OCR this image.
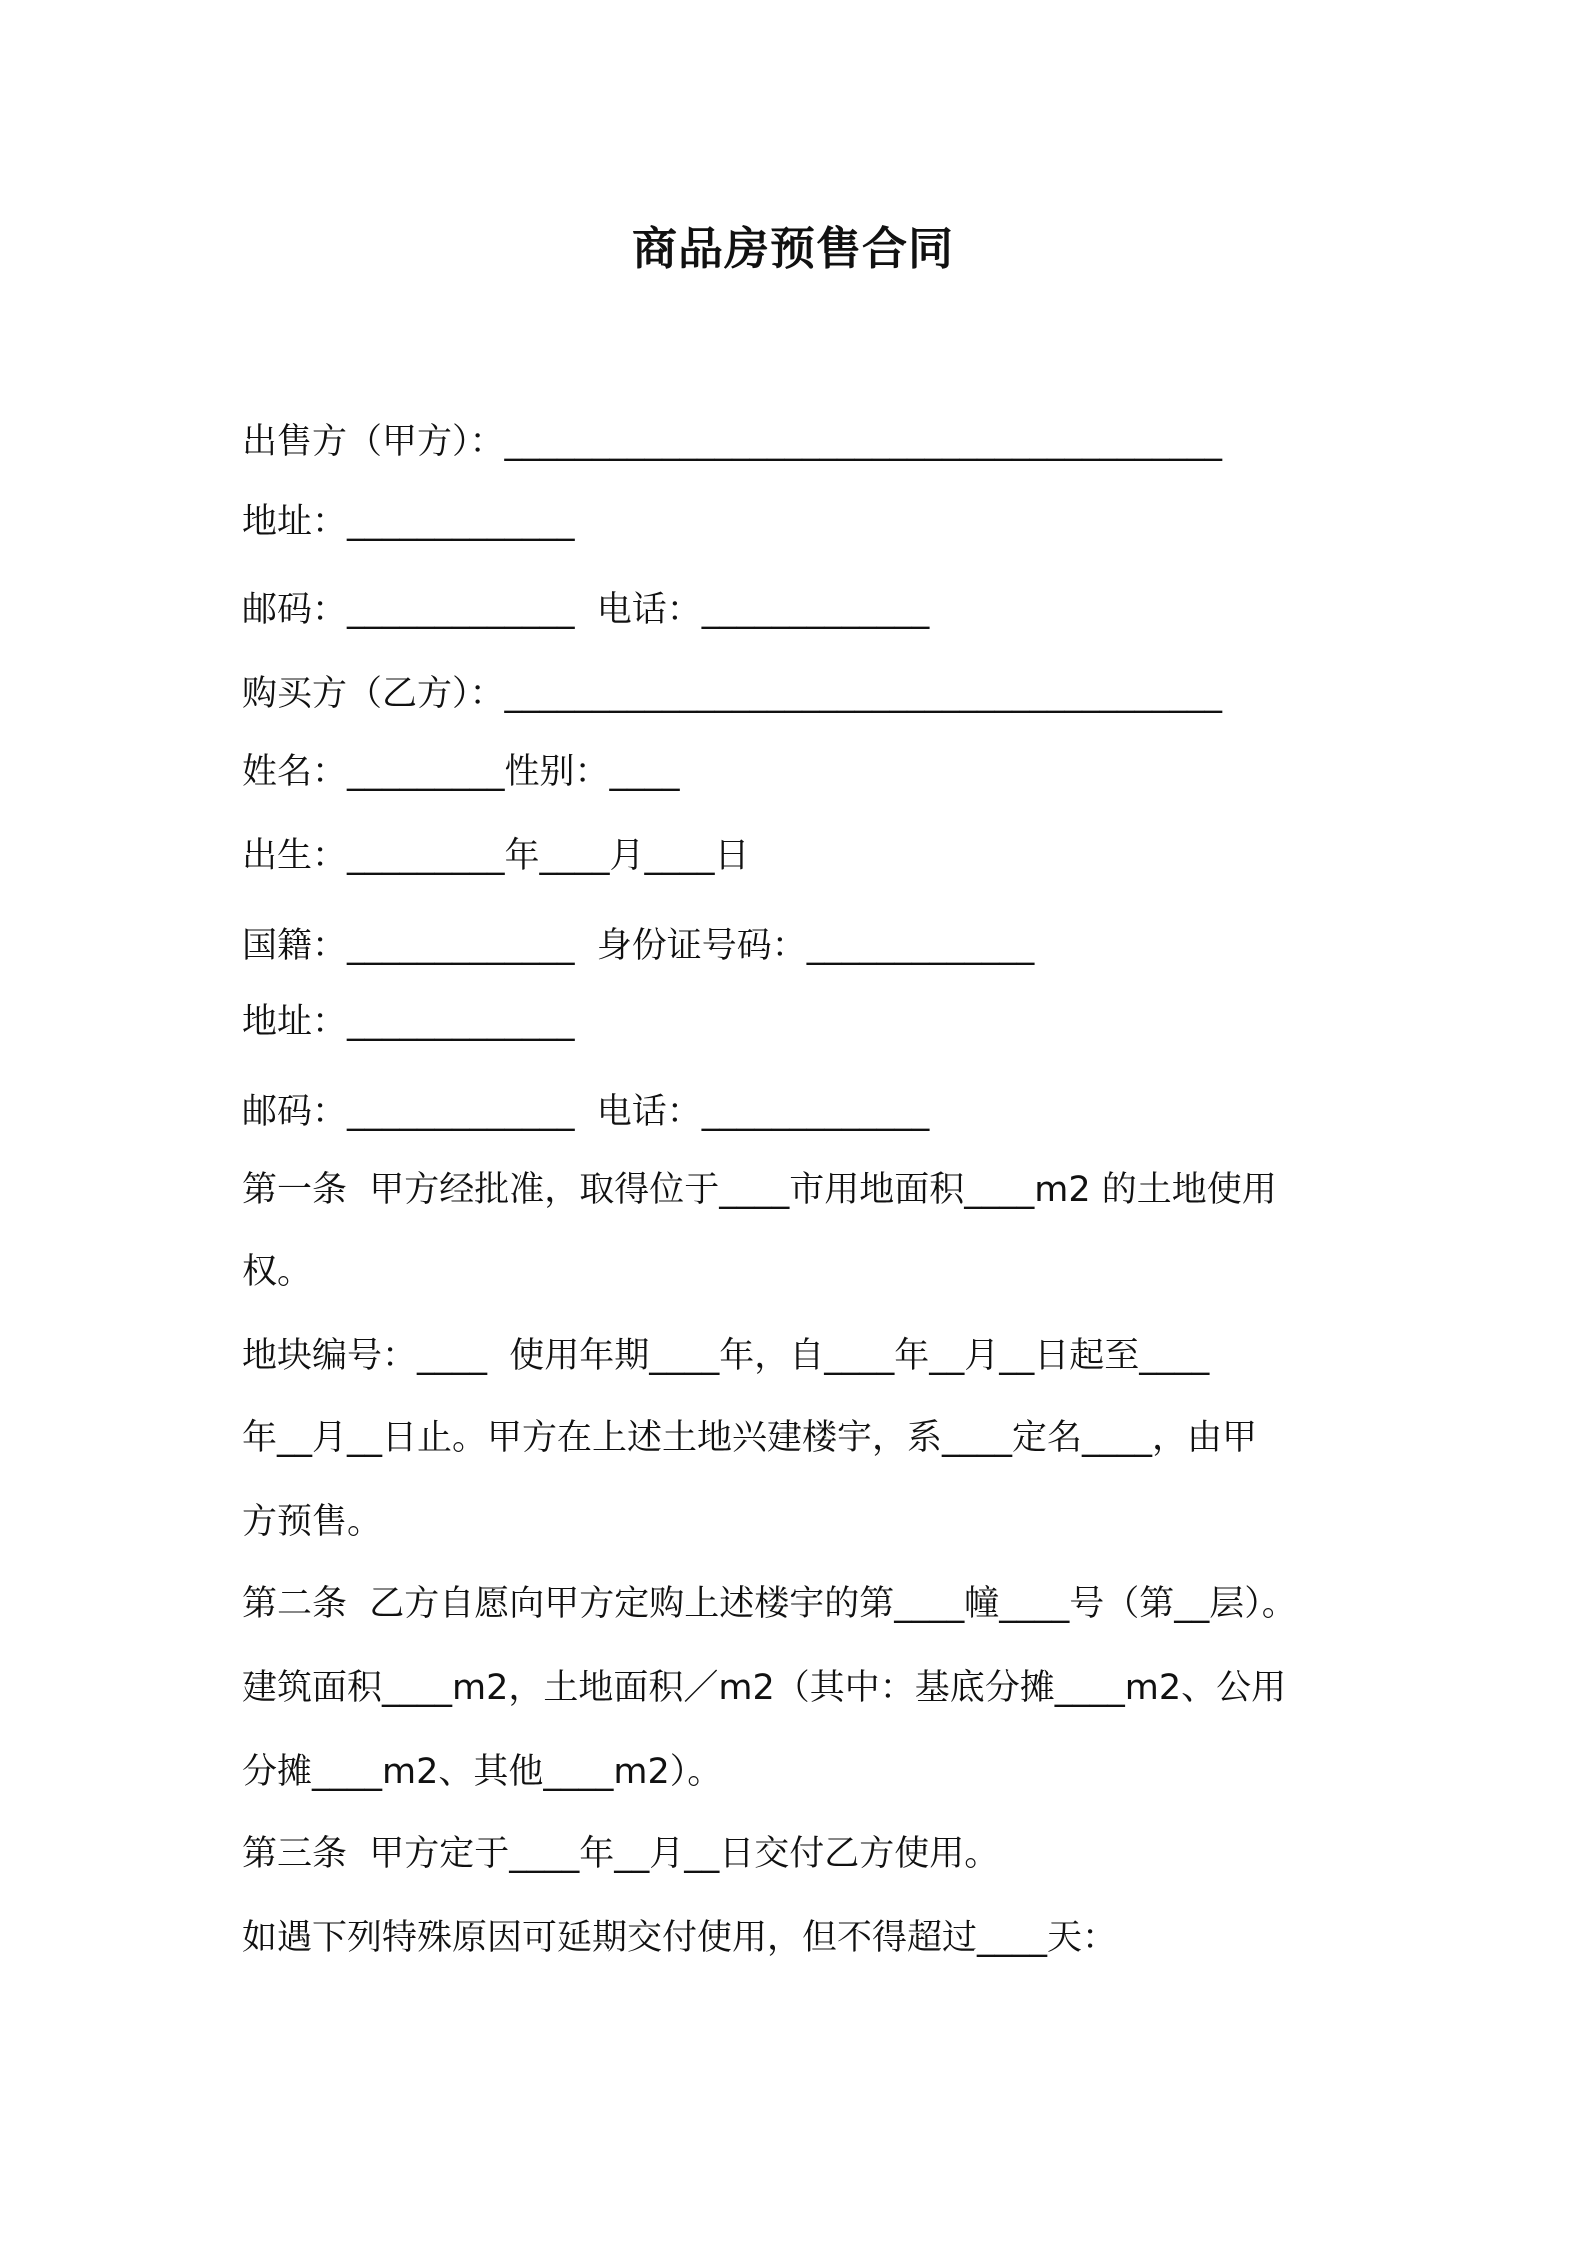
商品房预售合同
出售方（甲方）：_________________________________________
地址：_____________
邮码：_____________  电话：_____________
购买方（乙方）：_________________________________________
姓名：_________性别：____
出生：_________年____月____日
国籍：_____________  身份证号码：_____________
地址：_____________
邮码：_____________  电话：_____________
第一条  甲方经批准，取得位于____市用地面积____m2 的土地使用
权。
地块编号：____  使用年期____年，自____年__月__日起至____
年__月__日止。甲方在上述土地兴建楼宇，系____定名____，由甲
方预售。
第二条  乙方自愿向甲方定购上述楼宇的第____幢____号（第__层）。
建筑面积____m2，土地面积／m2（其中：基底分摊____m2、公用
分摊____m2、其他____m2）。
第三条  甲方定于____年__月__日交付乙方使用。
如遇下列特殊原因可延期交付使用，但不得超过____天：
